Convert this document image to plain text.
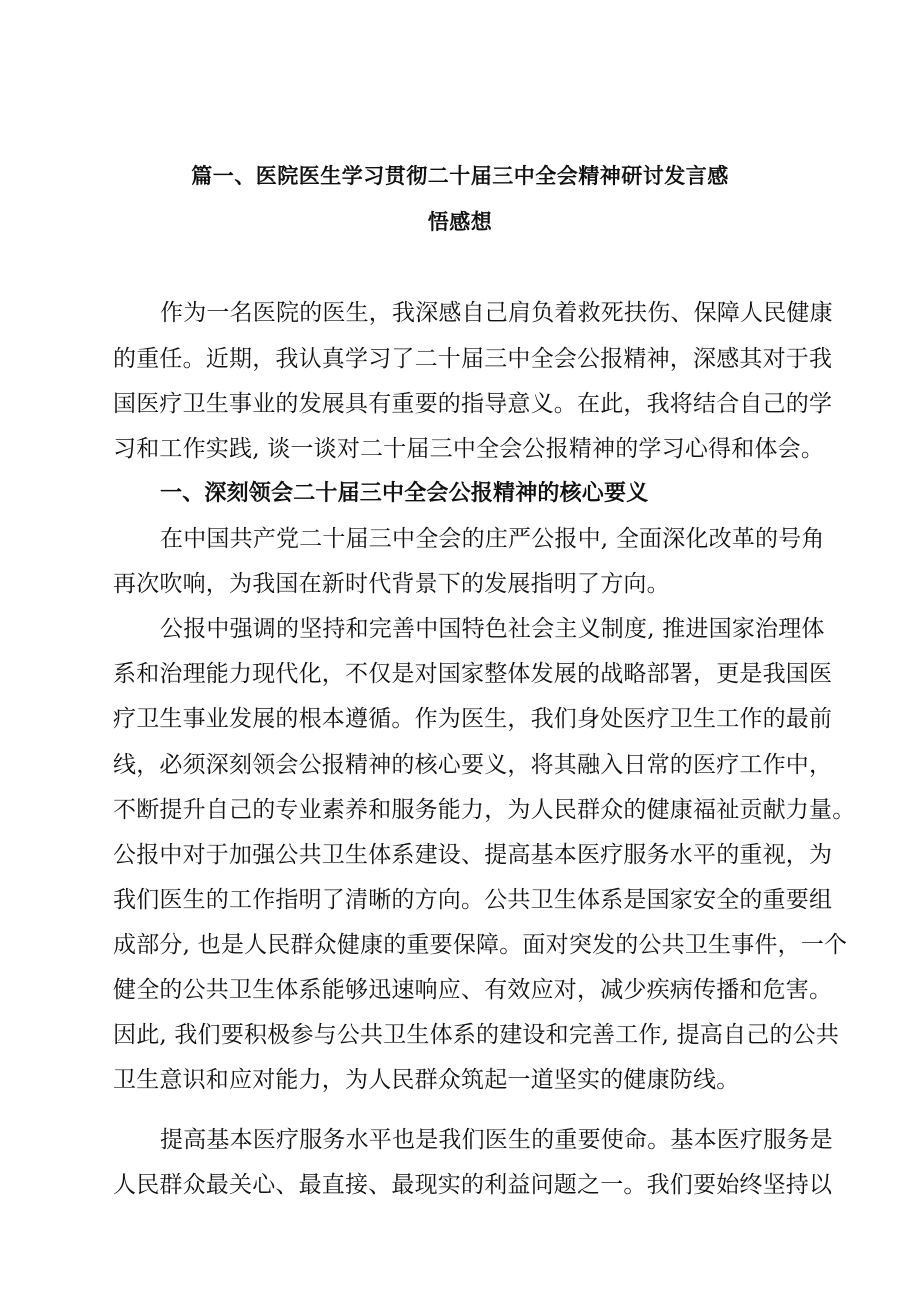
篇一、医院医生学习贯彻二十届三中全会精神研讨发言感
悟感想
作为一名医院的医生，我深感自己肩负着救死扶伤、保障人民健康
的重任。近期，我认真学习了二十届三中全会公报精神，深感其对于我
国医疗卫生事业的发展具有重要的指导意义。在此，我将结合自己的学
习和工作实践, 谈一谈对二十届三中全会公报精神的学习心得和体会。
一、深刻领会二十届三中全会公报精神的核心要义
在中国共产党二十届三中全会的庄严公报中, 全面深化改革的号角
再次吹响，为我国在新时代背景下的发展指明了方向。
公报中强调的坚持和完善中国特色社会主义制度, 推进国家治理体
系和治理能力现代化，不仅是对国家整体发展的战略部署，更是我国医
疗卫生事业发展的根本遵循。作为医生，我们身处医疗卫生工作的最前
线，必须深刻领会公报精神的核心要义，将其融入日常的医疗工作中，
不断提升自己的专业素养和服务能力，为人民群众的健康福祉贡献力量。
公报中对于加强公共卫生体系建设、提高基本医疗服务水平的重视，为
我们医生的工作指明了清晰的方向。公共卫生体系是国家安全的重要组
成部分, 也是人民群众健康的重要保障。面对突发的公共卫生事件，一个
健全的公共卫生体系能够迅速响应、有效应对，减少疾病传播和危害。
因此, 我们要积极参与公共卫生体系的建设和完善工作, 提高自己的公共
卫生意识和应对能力，为人民群众筑起一道坚实的健康防线。
提高基本医疗服务水平也是我们医生的重要使命。基本医疗服务是
人民群众最关心、最直接、最现实的利益问题之一。我们要始终坚持以
